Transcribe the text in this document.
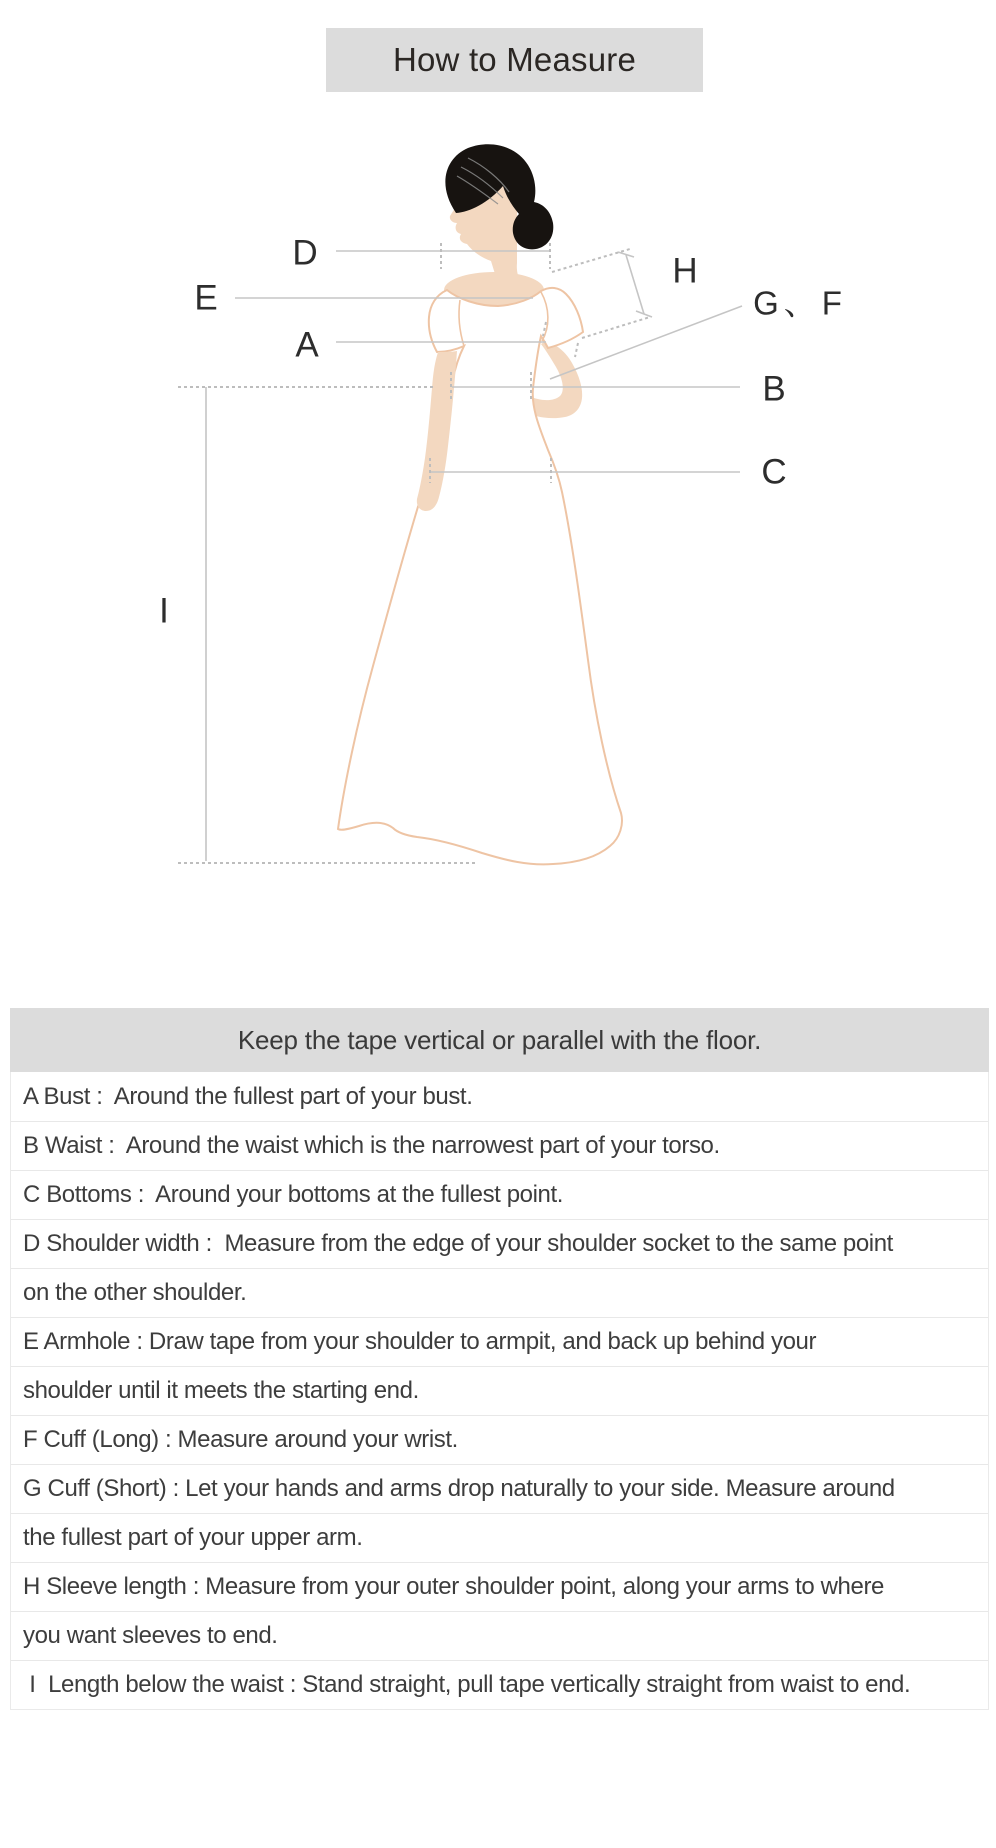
How to Measure
D
E
A
H
G、F
B
C
I
Keep the tape vertical or parallel with the floor.
A Bust :  Around the fullest part of your bust.
B Waist :  Around the waist which is the narrowest part of your torso.
C Bottoms :  Around your bottoms at the fullest point.
D Shoulder width :  Measure from the edge of your shoulder socket to the same point
on the other shoulder.
E Armhole : Draw tape from your shoulder to armpit, and back up behind your
shoulder until it meets the starting end.
F Cuff (Long) : Measure around your wrist.
G Cuff (Short) : Let your hands and arms drop naturally to your side. Measure around
the fullest part of your upper arm.
H Sleeve length : Measure from your outer shoulder point, along your arms to where
you want sleeves to end.
I  Length below the waist : Stand straight, pull tape vertically straight from waist to end.
